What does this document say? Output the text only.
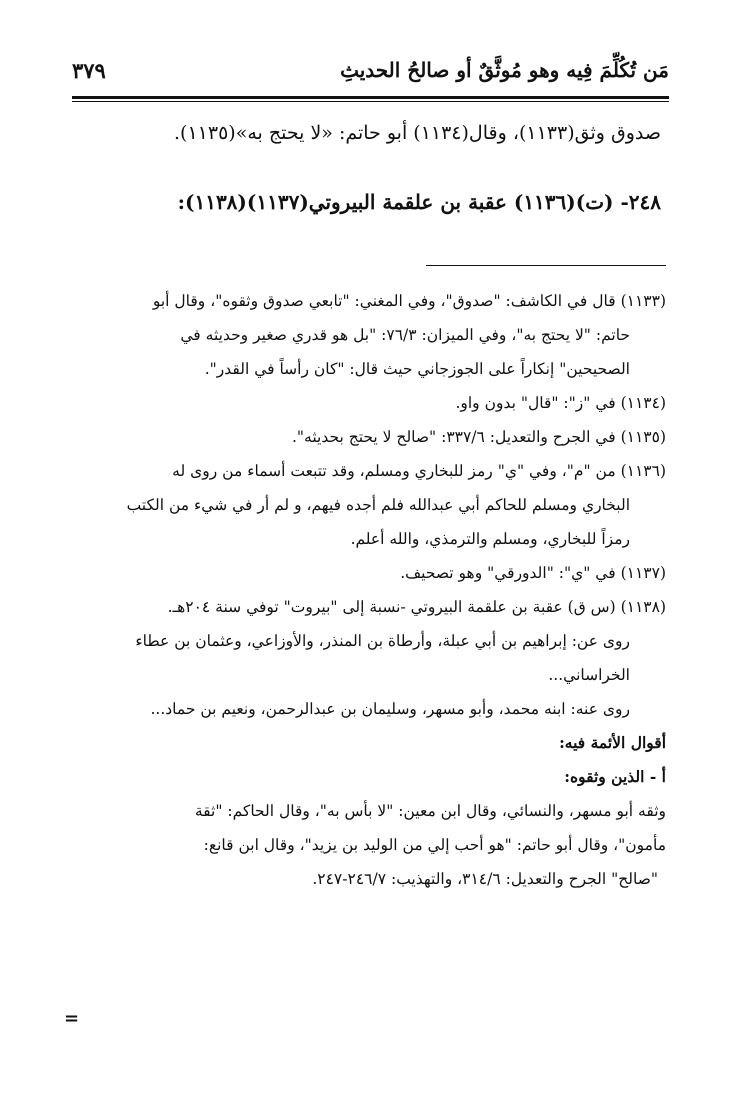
مَن تُكُلِّمَ فِيه وهو مُوثَّقٌ أو صالحُ الحديثِ
٣٧٩
صدوق وثق(١١٣٣)، وقال(١١٣٤) أبو حاتم: «لا يحتج به»(١١٣٥).
٢٤٨- (ت)(١١٣٦) عقبة بن علقمة البيروتي(١١٣٧)(١١٣٨):
(١١٣٣) قال في الكاشف: "صدوق"، وفي المغني: "تابعي صدوق وثقوه"، وقال أبو
حاتم: "لا يحتج به"، وفي الميزان: ٧٦/٣: "بل هو قدري صغير وحديثه في
الصحيحين" إنكاراً على الجوزجاني حيث قال: "كان رأساً في القدر".
(١١٣٤) في "ز": "قال" بدون واو.
(١١٣٥) في الجرح والتعديل: ٣٣٧/٦: "صالح لا يحتج بحديثه".
(١١٣٦) من "م"، وفي "ي" رمز للبخاري ومسلم، وقد تتبعت أسماء من روى له
البخاري ومسلم للحاكم أبي عبدالله فلم أجده فيهم، و لم أر في شيء من الكتب
رمزاً للبخاري، ومسلم والترمذي، والله أعلم.
(١١٣٧) في "ي": "الدورقي" وهو تصحيف.
(١١٣٨) (س ق) عقبة بن علقمة البيروتي -نسبة إلى "بيروت" توفي سنة ٢٠٤هـ.
روى عن: إبراهيم بن أبي عبلة، وأرطاة بن المنذر، والأوزاعي، وعثمان بن عطاء
الخراساني...
روى عنه: ابنه محمد، وأبو مسهر، وسليمان بن عبدالرحمن، ونعيم بن حماد...
أقوال الأئمة فيه:
أ - الذين وثقوه:
وثقه أبو مسهر، والنسائي، وقال ابن معين: "لا بأس به"، وقال الحاكم: "ثقة
مأمون"، وقال أبو حاتم: "هو أحب إلي من الوليد بن يزيد"، وقال ابن قانع:
"صالح" الجرح والتعديل: ٣١٤/٦، والتهذيب: ٢٤٦/٧-٢٤٧.
=
